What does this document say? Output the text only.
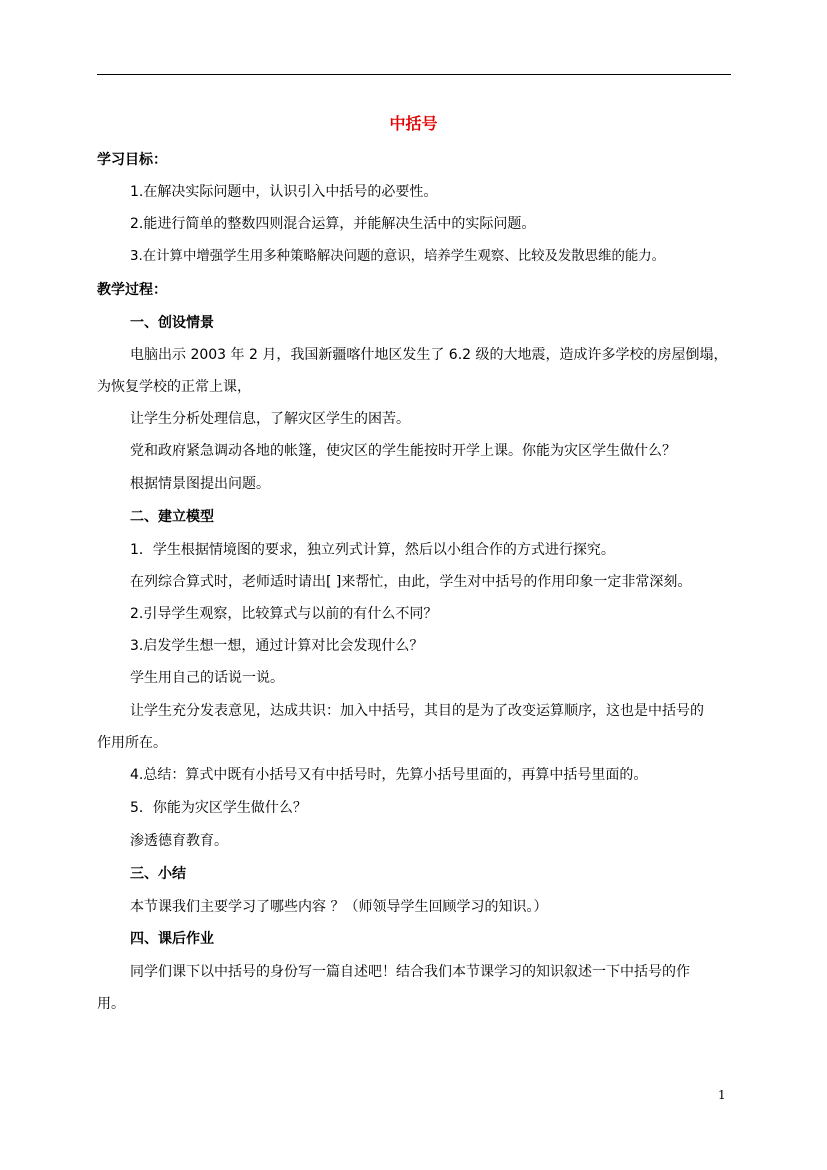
中括号
学习目标：
1.在解决实际问题中，认识引入中括号的必要性。
2.能进行简单的整数四则混合运算，并能解决生活中的实际问题。
3.在计算中增强学生用多种策略解决问题的意识，培养学生观察、比较及发散思维的能力。
教学过程：
一、创设情景
电脑出示 2003 年 2 月，我国新疆喀什地区发生了 6.2 级的大地震，造成许多学校的房屋倒塌，
为恢复学校的正常上课，
让学生分析处理信息，了解灾区学生的困苦。
党和政府紧急调动各地的帐篷，使灾区的学生能按时开学上课。你能为灾区学生做什么？
根据情景图提出问题。
二、建立模型
1．学生根据情境图的要求，独立列式计算，然后以小组合作的方式进行探究。
在列综合算式时，老师适时请出[ ]来帮忙，由此，学生对中括号的作用印象一定非常深刻。
2.引导学生观察，比较算式与以前的有什么不同？
3.启发学生想一想，通过计算对比会发现什么？
学生用自己的话说一说。
让学生充分发表意见，达成共识：加入中括号，其目的是为了改变运算顺序，这也是中括号的
作用所在。
4.总结：算式中既有小括号又有中括号时，先算小括号里面的，再算中括号里面的。
5．你能为灾区学生做什么？
渗透德育教育。
三、小结
本节课我们主要学习了哪些内容 ？（师领导学生回顾学习的知识。）
四、课后作业
同学们课下以中括号的身份写一篇自述吧！结合我们本节课学习的知识叙述一下中括号的作
用。
1
